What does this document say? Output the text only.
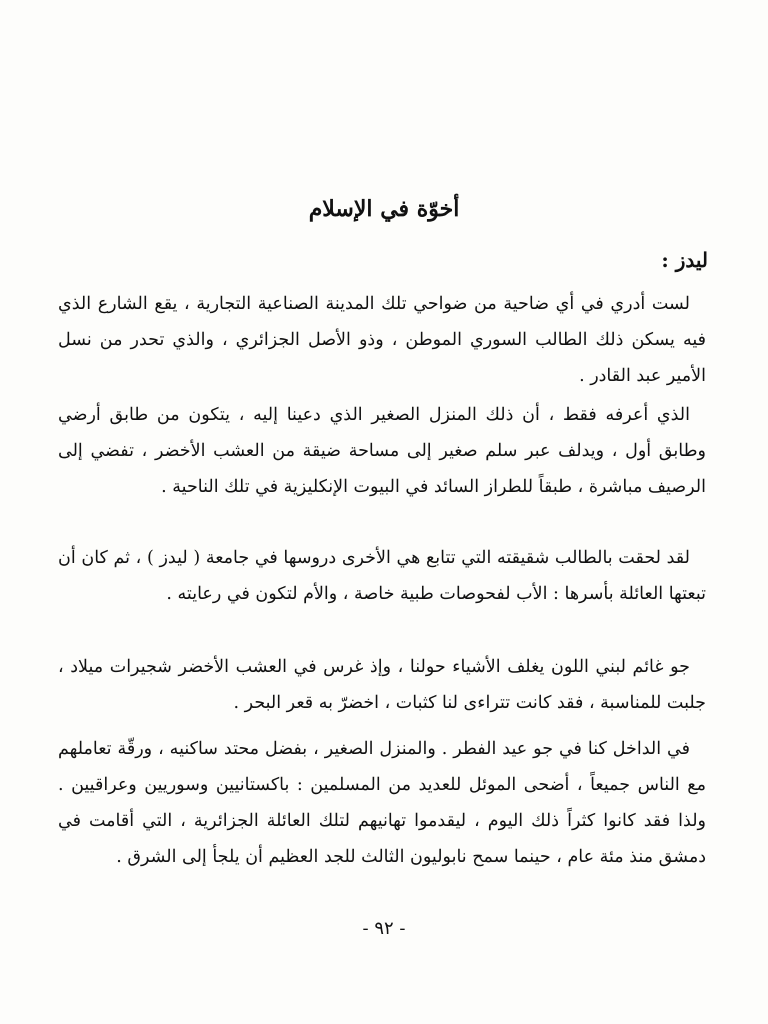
أخوّة في الإسلام
ليدز :

لست أدري في أي ضاحية من ضواحي تلك المدينة الصناعية التجارية ، يقع الشارع الذي فيه يسكن ذلك الطالب السوري الموطن ، وذو الأصل الجزائري ، والذي تحدر من نسل الأمير عبد القادر .

الذي أعرفه فقط ، أن ذلك المنزل الصغير الذي دعينا إليه ، يتكون من طابق أرضي وطابق أول ، ويدلف عبر سلم صغير إلى مساحة ضيقة من العشب الأخضر ، تفضي إلى الرصيف مباشرة ، طبقاً للطراز السائد في البيوت الإنكليزية في تلك الناحية .

لقد لحقت بالطالب شقيقته التي تتابع هي الأخرى دروسها في جامعة ( ليدز ) ، ثم كان أن تبعتها العائلة بأسرها : الأب لفحوصات طبية خاصة ، والأم لتكون في رعايته .

جو غائم لبني اللون يغلف الأشياء حولنا ، وإذ غرس في العشب الأخضر شجيرات ميلاد ، جلبت للمناسبة ، فقد كانت تتراءى لنا كثبات ، اخضرّ به قعر البحر .

في الداخل كنا في جو عيد الفطر . والمنزل الصغير ، بفضل محتد ساكنيه ، ورقّة تعاملهم مع الناس جميعاً ، أضحى الموئل للعديد من المسلمين : باكستانيين وسوريين وعراقيين . ولذا فقد كانوا كثراً ذلك اليوم ، ليقدموا تهانيهم لتلك العائلة الجزائرية ، التي أقامت في دمشق منذ مئة عام ، حينما سمح نابوليون الثالث للجد العظيم أن يلجأ إلى الشرق .

- ٩٢ -
